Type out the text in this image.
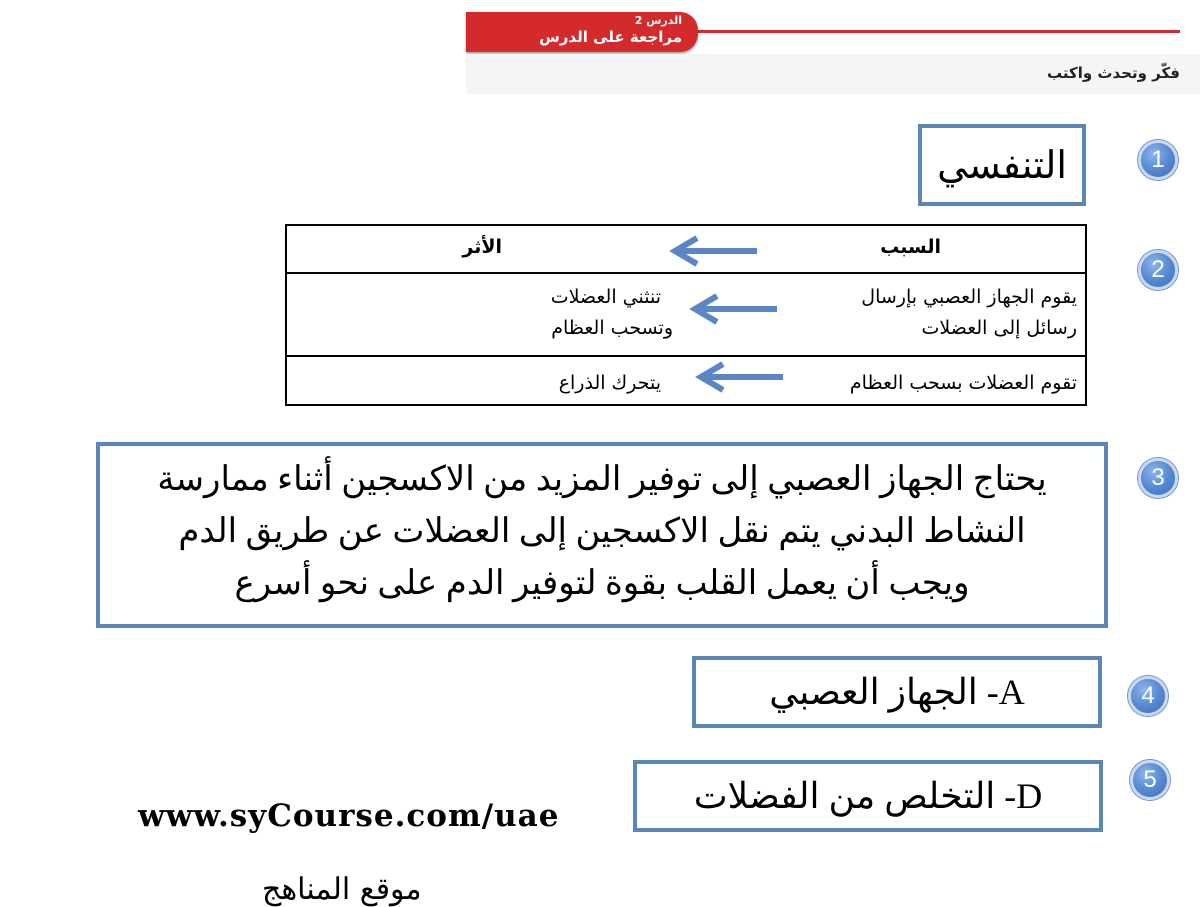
الدرس 2
مراجعة على الدرس
فكّر وتحدث واكتب
1
التنفسي
2
السبب
الأثر
يقوم الجهاز العصبي بإرسال
رسائل إلى العضلات
تنثني العضلات
وتسحب العظام
تقوم العضلات بسحب العظام
يتحرك الذراع
3
يحتاج الجهاز العصبي إلى توفير المزيد من الاكسجين أثناء ممارسة
النشاط البدني يتم نقل الاكسجين إلى العضلات عن طريق الدم
ويجب أن يعمل القلب بقوة لتوفير الدم على نحو أسرع
4
A- الجهاز العصبي
5
D- التخلص من الفضلات
www.syCourse.com/uae
موقع المناهج
